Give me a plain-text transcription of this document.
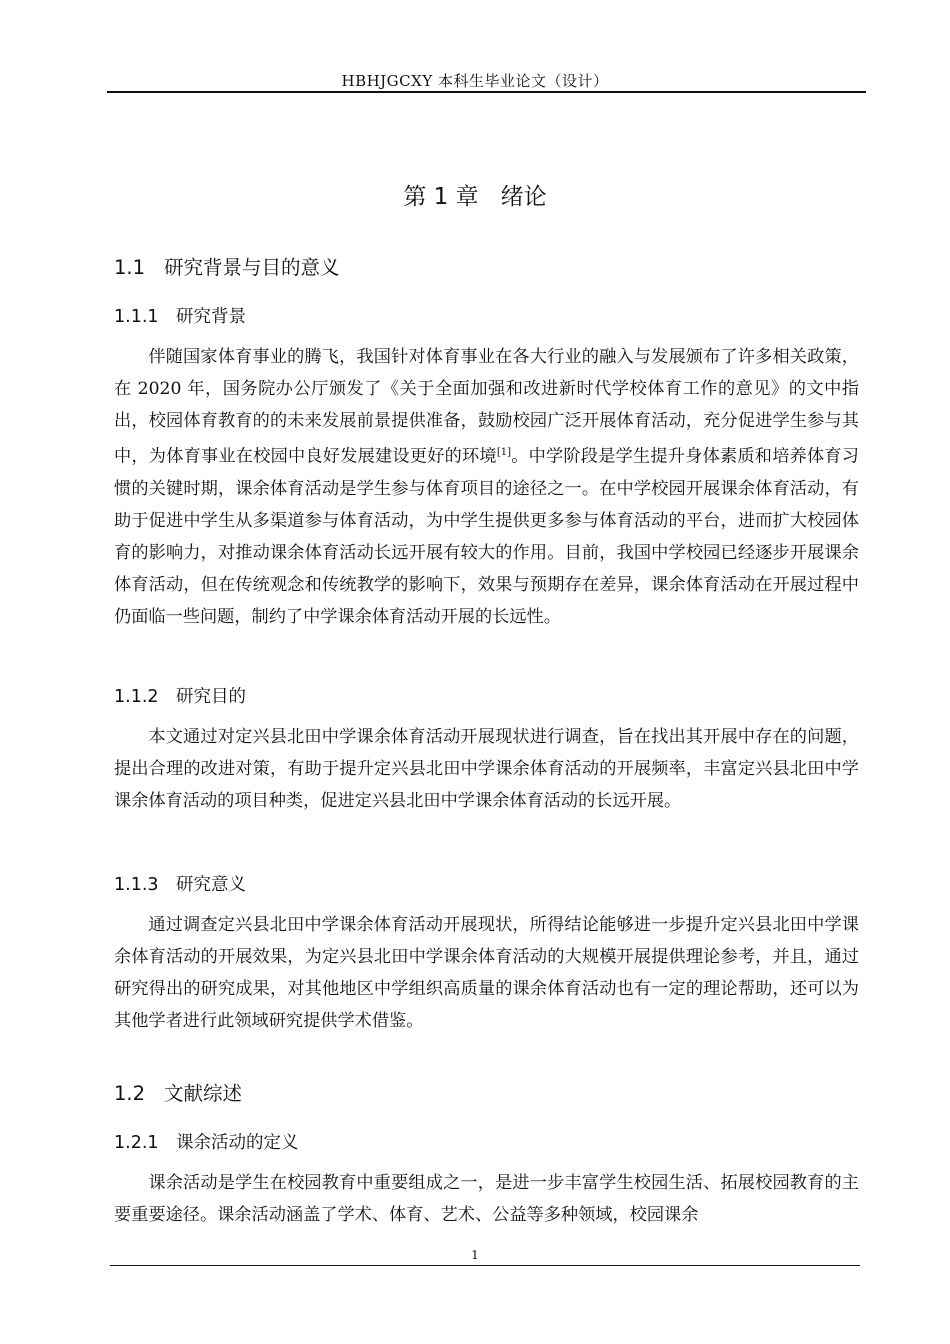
HBHJGCXY 本科生毕业论文（设计）
第 1 章 绪论
1.1 研究背景与目的意义
1.1.1 研究背景

伴随国家体育事业的腾飞，我国针对体育事业在各大行业的融入与发展颁布了许多相关政策，在 2020 年，国务院办公厅颁发了《关于全面加强和改进新时代学校体育工作的意见》的文中指出，校园体育教育的的未来发展前景提供准备，鼓励校园广泛开展体育活动，充分促进学生参与其中，为体育事业在校园中良好发展建设更好的环境[1]。中学阶段是学生提升身体素质和培养体育习惯的关键时期，课余体育活动是学生参与体育项目的途径之一。在中学校园开展课余体育活动，有助于促进中学生从多渠道参与体育活动，为中学生提供更多参与体育活动的平台，进而扩大校园体育的影响力，对推动课余体育活动长远开展有较大的作用。目前，我国中学校园已经逐步开展课余体育活动，但在传统观念和传统教学的影响下，效果与预期存在差异，课余体育活动在开展过程中仍面临一些问题，制约了中学课余体育活动开展的长远性。

1.1.2 研究目的

本文通过对定兴县北田中学课余体育活动开展现状进行调查，旨在找出其开展中存在的问题，提出合理的改进对策，有助于提升定兴县北田中学课余体育活动的开展频率，丰富定兴县北田中学课余体育活动的项目种类，促进定兴县北田中学课余体育活动的长远开展。

1.1.3 研究意义

通过调查定兴县北田中学课余体育活动开展现状，所得结论能够进一步提升定兴县北田中学课余体育活动的开展效果，为定兴县北田中学课余体育活动的大规模开展提供理论参考，并且，通过研究得出的研究成果，对其他地区中学组织高质量的课余体育活动也有一定的理论帮助，还可以为其他学者进行此领域研究提供学术借鉴。

1.2 文献综述
1.2.1 课余活动的定义

课余活动是学生在校园教育中重要组成之一，是进一步丰富学生校园生活、拓展校园教育的主要重要途径。课余活动涵盖了学术、体育、艺术、公益等多种领域，校园课余

1
